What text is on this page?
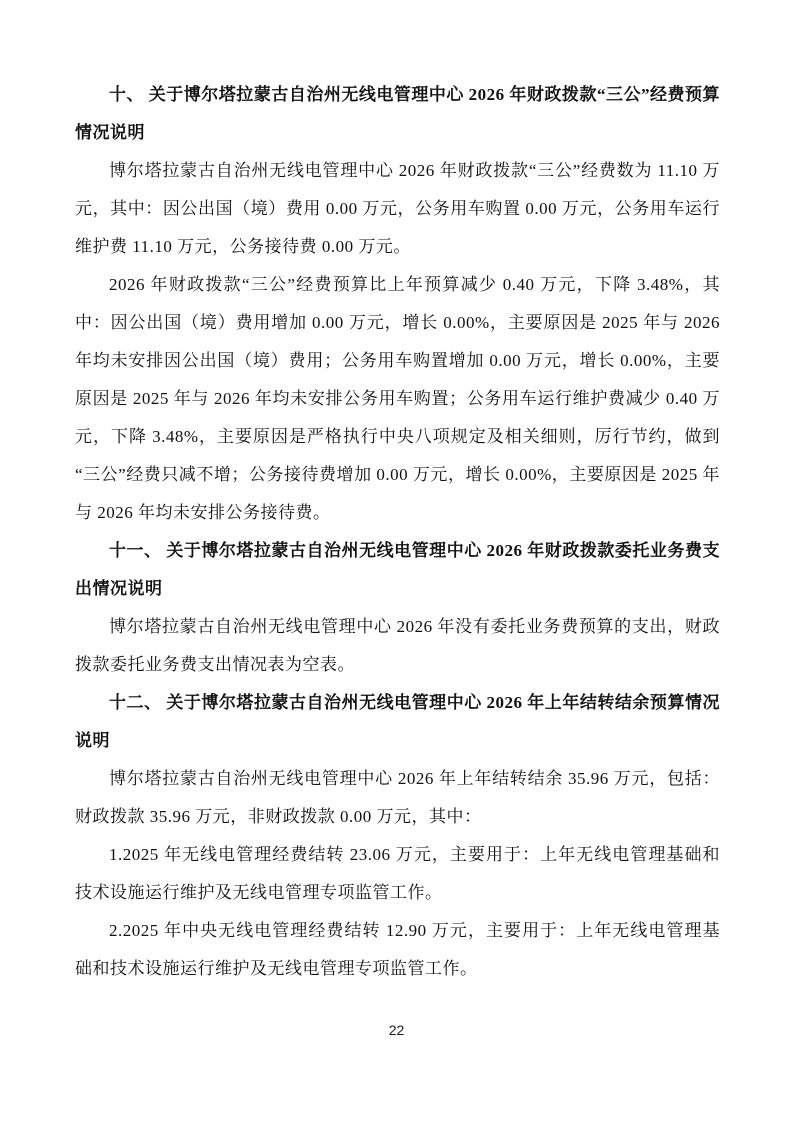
十、 关于博尔塔拉蒙古自治州无线电管理中心 2026 年财政拨款“三公”经费预算情况说明

博尔塔拉蒙古自治州无线电管理中心 2026 年财政拨款“三公”经费数为 11.10 万元，其中：因公出国（境）费用 0.00 万元，公务用车购置 0.00 万元，公务用车运行维护费 11.10 万元，公务接待费 0.00 万元。

2026 年财政拨款“三公”经费预算比上年预算减少 0.40 万元，下降 3.48%，其中：因公出国（境）费用增加 0.00 万元，增长 0.00%，主要原因是 2025 年与 2026 年均未安排因公出国（境）费用；公务用车购置增加 0.00 万元，增长 0.00%，主要原因是 2025 年与 2026 年均未安排公务用车购置；公务用车运行维护费减少 0.40 万元，下降 3.48%，主要原因是严格执行中央八项规定及相关细则，厉行节约，做到“三公”经费只减不增；公务接待费增加 0.00 万元，增长 0.00%，主要原因是 2025 年与 2026 年均未安排公务接待费。

十一、 关于博尔塔拉蒙古自治州无线电管理中心 2026 年财政拨款委托业务费支出情况说明

博尔塔拉蒙古自治州无线电管理中心 2026 年没有委托业务费预算的支出，财政拨款委托业务费支出情况表为空表。

十二、 关于博尔塔拉蒙古自治州无线电管理中心 2026 年上年结转结余预算情况说明

博尔塔拉蒙古自治州无线电管理中心 2026 年上年结转结余 35.96 万元，包括：财政拨款 35.96 万元，非财政拨款 0.00 万元，其中：

1.2025 年无线电管理经费结转 23.06 万元，主要用于：上年无线电管理基础和技术设施运行维护及无线电管理专项监管工作。

2.2025 年中央无线电管理经费结转 12.90 万元，主要用于：上年无线电管理基础和技术设施运行维护及无线电管理专项监管工作。

22
